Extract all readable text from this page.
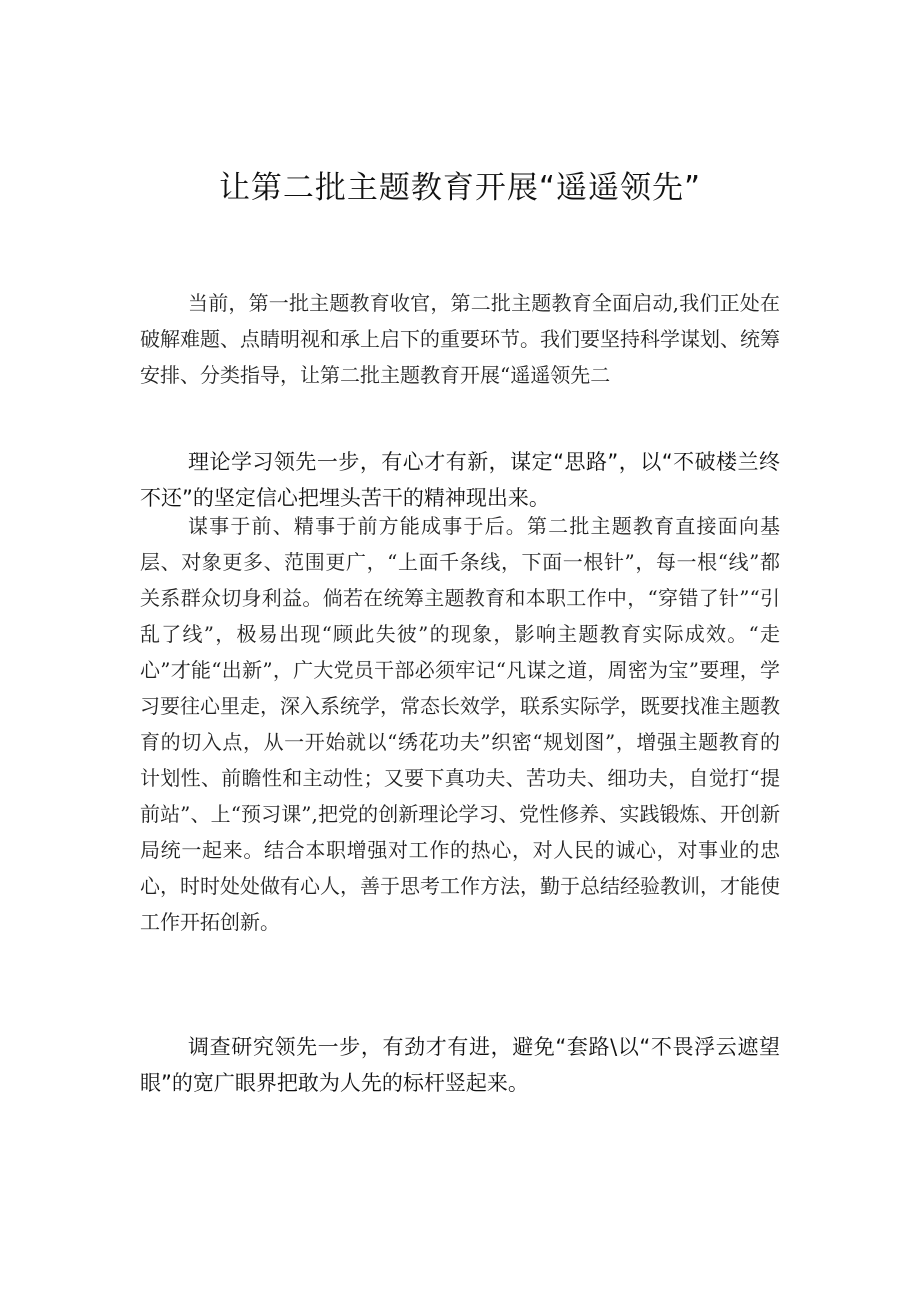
让第二批主题教育开展“遥遥领先”

当前，第一批主题教育收官，第二批主题教育全面启动,我们正处在破解难题、点睛明视和承上启下的重要环节。我们要坚持科学谋划、统筹安排、分类指导，让第二批主题教育开展“遥遥领先二

理论学习领先一步，有心才有新，谋定“思路”，以“不破楼兰终不还”的坚定信心把埋头苦干的精神现出来。

谋事于前、精事于前方能成事于后。第二批主题教育直接面向基层、对象更多、范围更广，“上面千条线，下面一根针”，每一根“线”都关系群众切身利益。倘若在统筹主题教育和本职工作中，“穿错了针”“引乱了线”，极易出现“顾此失彼”的现象，影响主题教育实际成效。“走心”才能“出新”，广大党员干部必须牢记“凡谋之道，周密为宝”要理，学习要往心里走，深入系统学，常态长效学，联系实际学，既要找准主题教育的切入点，从一开始就以“绣花功夫”织密“规划图”，增强主题教育的计划性、前瞻性和主动性；又要下真功夫、苦功夫、细功夫，自觉打“提前站”、上“预习课”,把党的创新理论学习、党性修养、实践锻炼、开创新局统一起来。结合本职增强对工作的热心，对人民的诚心，对事业的忠心，时时处处做有心人，善于思考工作方法，勤于总结经验教训，才能使工作开拓创新。

调查研究领先一步，有劲才有进，避免“套路\以“不畏浮云遮望眼”的宽广眼界把敢为人先的标杆竖起来。
